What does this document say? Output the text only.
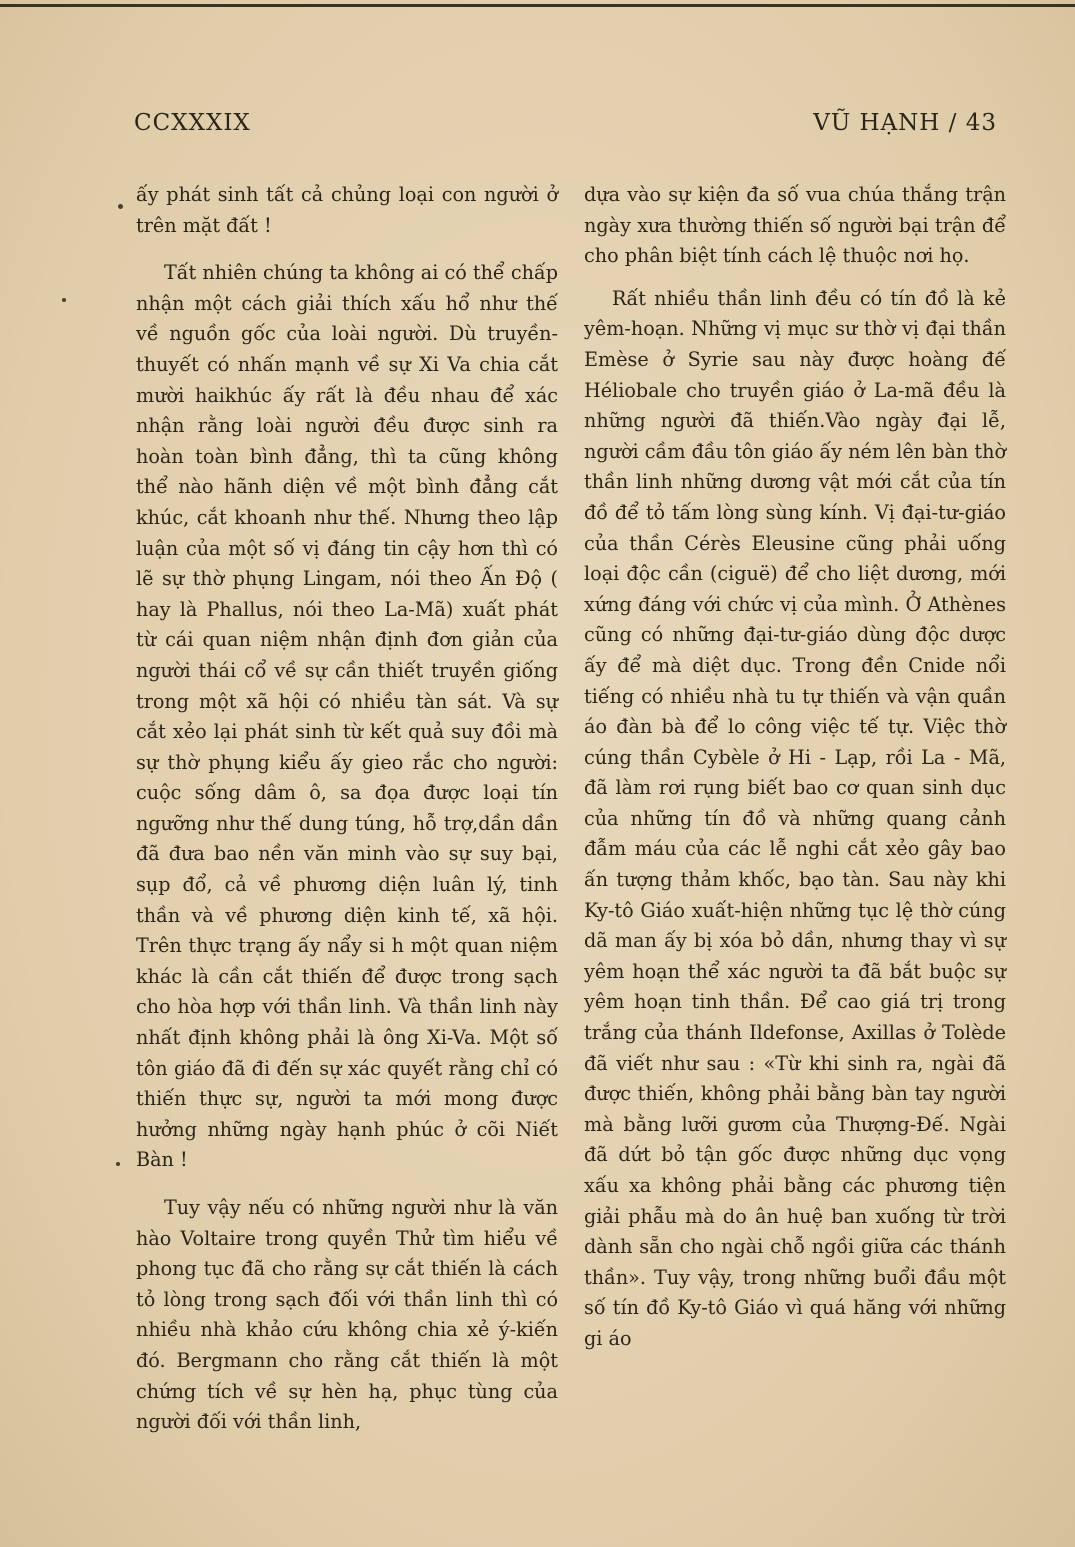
CCXXXIX	VŨ HẠNH / 43

ấy phát sinh tất cả chủng loại con người ở trên mặt đất !

Tất nhiên chúng ta không ai có thể chấp nhận một cách giải thích xấu hổ như thế về nguồn gốc của loài người. Dù truyền-thuyết có nhấn mạnh về sự Xi Va chia cắt mười haikhúc ấy rất là đều nhau để xác nhận rằng loài người đều được sinh ra hoàn toàn bình đẳng, thì ta cũng không thể nào hãnh diện về một bình đẳng cắt khúc, cắt khoanh như thế. Nhưng theo lập luận của một số vị đáng tin cậy hơn thì có lẽ sự thờ phụng Lingam, nói theo Ấn Độ ( hay là Phallus, nói theo La-Mã) xuất phát từ cái quan niệm nhận định đơn giản của người thái cổ về sự cần thiết truyền giống trong một xã hội có nhiều tàn sát. Và sự cắt xẻo lại phát sinh từ kết quả suy đồi mà sự thờ phụng kiểu ấy gieo rắc cho người: cuộc sống dâm ô, sa đọa được loại tín ngưỡng như thế dung túng, hỗ trợ,dần dần đã đưa bao nền văn minh vào sự suy bại, sụp đổ, cả về phương diện luân lý, tinh thần và về phương diện kinh tế, xã hội. Trên thực trạng ấy nẩy si h một quan niệm khác là cần cắt thiến để được trong sạch cho hòa hợp với thần linh. Và thần linh này nhất định không phải là ông Xi-Va. Một số tôn giáo đã đi đến sự xác quyết rằng chỉ có thiến thực sự, người ta mới mong được hưởng những ngày hạnh phúc ở cõi Niết Bàn !

Tuy vậy nếu có những người như là văn hào Voltaire trong quyền Thử tìm hiểu về phong tục đã cho rằng sự cắt thiến là cách tỏ lòng trong sạch đối với thần linh thì có nhiều nhà khảo cứu không chia xẻ ý-kiến đó. Bergmann cho rằng cắt thiến là một chứng tích về sự hèn hạ, phục tùng của người đối với thần linh,

dựa vào sự kiện đa số vua chúa thắng trận ngày xưa thường thiến số người bại trận để cho phân biệt tính cách lệ thuộc nơi họ.

Rất nhiều thần linh đều có tín đồ là kẻ yêm-hoạn. Những vị mục sư thờ vị đại thần Emèse ở Syrie sau này được hoàng đế Héliobale cho truyền giáo ở La-mã đều là những người đã thiến.Vào ngày đại lễ, người cầm đầu tôn giáo ấy ném lên bàn thờ thần linh những dương vật mới cắt của tín đồ để tỏ tấm lòng sùng kính. Vị đại-tư-giáo của thần Cérès Eleusine cũng phải uống loại độc cần (ciguë) để cho liệt dương, mới xứng đáng với chức vị của mình. Ở Athènes cũng có những đại-tư-giáo dùng độc dược ấy để mà diệt dục. Trong đền Cnide nổi tiếng có nhiều nhà tu tự thiến và vận quần áo đàn bà để lo công việc tế tự. Việc thờ cúng thần Cybèle ở Hi - Lạp, rồi La - Mã, đã làm rơi rụng biết bao cơ quan sinh dục của những tín đồ và những quang cảnh đẫm máu của các lễ nghi cắt xẻo gây bao ấn tượng thảm khốc, bạo tàn. Sau này khi Ky-tô Giáo xuất-hiện những tục lệ thờ cúng dã man ấy bị xóa bỏ dần, nhưng thay vì sự yêm hoạn thể xác người ta đã bắt buộc sự yêm hoạn tinh thần. Để cao giá trị trong trắng của thánh Ildefonse, Axillas ở Tolède đã viết như sau : «Từ khi sinh ra, ngài đã được thiến, không phải bằng bàn tay người mà bằng lưỡi gươm của Thượng-Đế. Ngài đã dứt bỏ tận gốc được những dục vọng xấu xa không phải bằng các phương tiện giải phẫu mà do ân huệ ban xuống từ trời dành sẵn cho ngài chỗ ngồi giữa các thánh thần». Tuy vậy, trong những buổi đầu một số tín đồ Ky-tô Giáo vì quá hăng với những gi áo
